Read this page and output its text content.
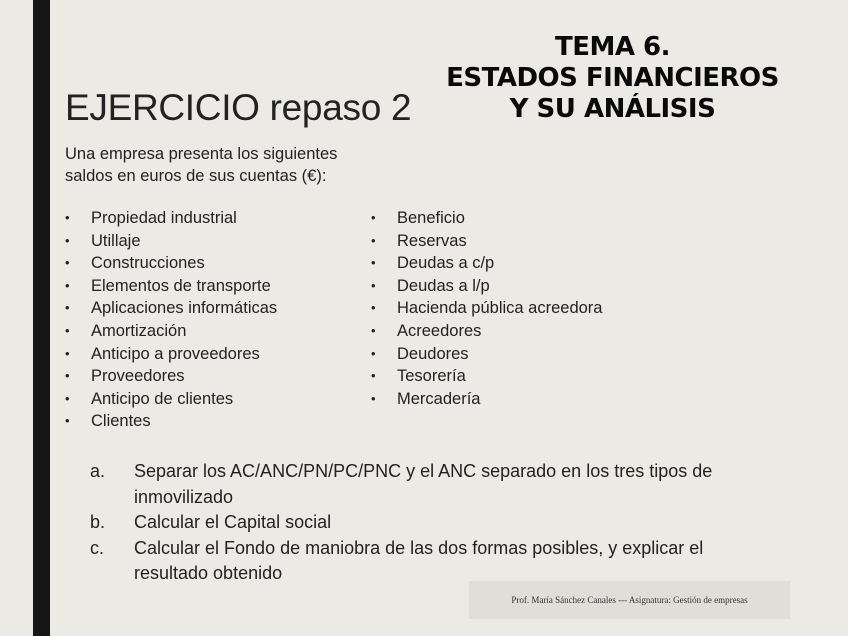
TEMA 6.
ESTADOS FINANCIEROS
Y SU ANÁLISIS
EJERCICIO repaso 2
Una empresa presenta los siguientes
saldos en euros de sus cuentas (€):
• Propiedad industrial
• Utillaje
• Construcciones
• Elementos de transporte
• Aplicaciones informáticas
• Amortización
• Anticipo a proveedores
• Proveedores
• Anticipo de clientes
• Clientes
• Beneficio
• Reservas
• Deudas a c/p
• Deudas a l/p
• Hacienda pública acreedora
• Acreedores
• Deudores
• Tesorería
• Mercadería
a. Separar los AC/ANC/PN/PC/PNC y el ANC separado en los tres tipos de inmovilizado
b. Calcular el Capital social
c. Calcular el Fondo de maniobra de las dos formas posibles, y explicar el resultado obtenido
Prof. María Sánchez Canales --- Asignatura: Gestión de empresas
